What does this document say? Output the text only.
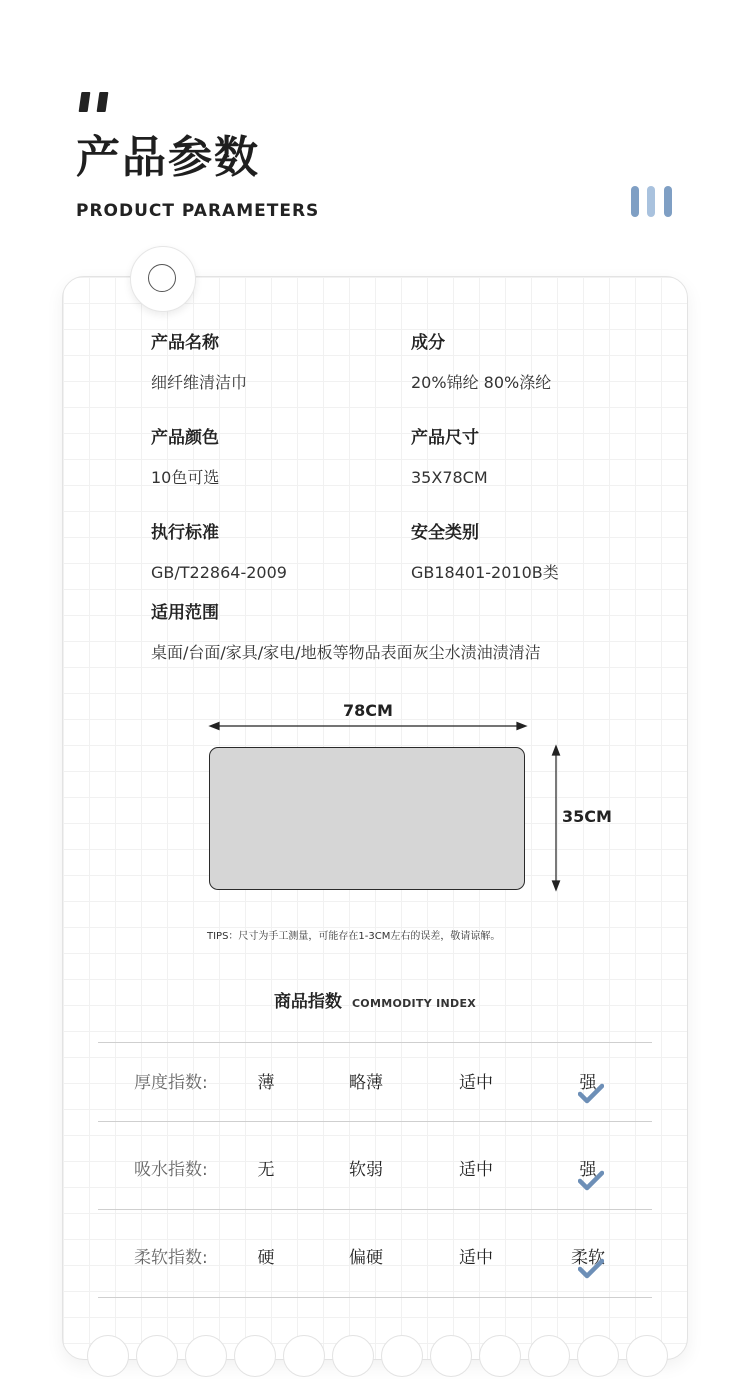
产品参数
PRODUCT PARAMETERS
产品名称
细纤维清洁巾
成分
20%锦纶 80%涤纶
产品颜色
10色可选
产品尺寸
35X78CM
执行标准
GB/T22864-2009
安全类别
GB18401-2010B类
适用范围
桌面/台面/家具/家电/地板等物品表面灰尘水渍油渍清洁
78CM
35CM
TIPS：尺寸为手工测量，可能存在1-3CM左右的误差，敬请谅解。
商品指数 COMMODITY INDEX
厚度指数:	薄	略薄	适中	强
吸水指数:	无	软弱	适中	强
柔软指数:	硬	偏硬	适中	柔软
